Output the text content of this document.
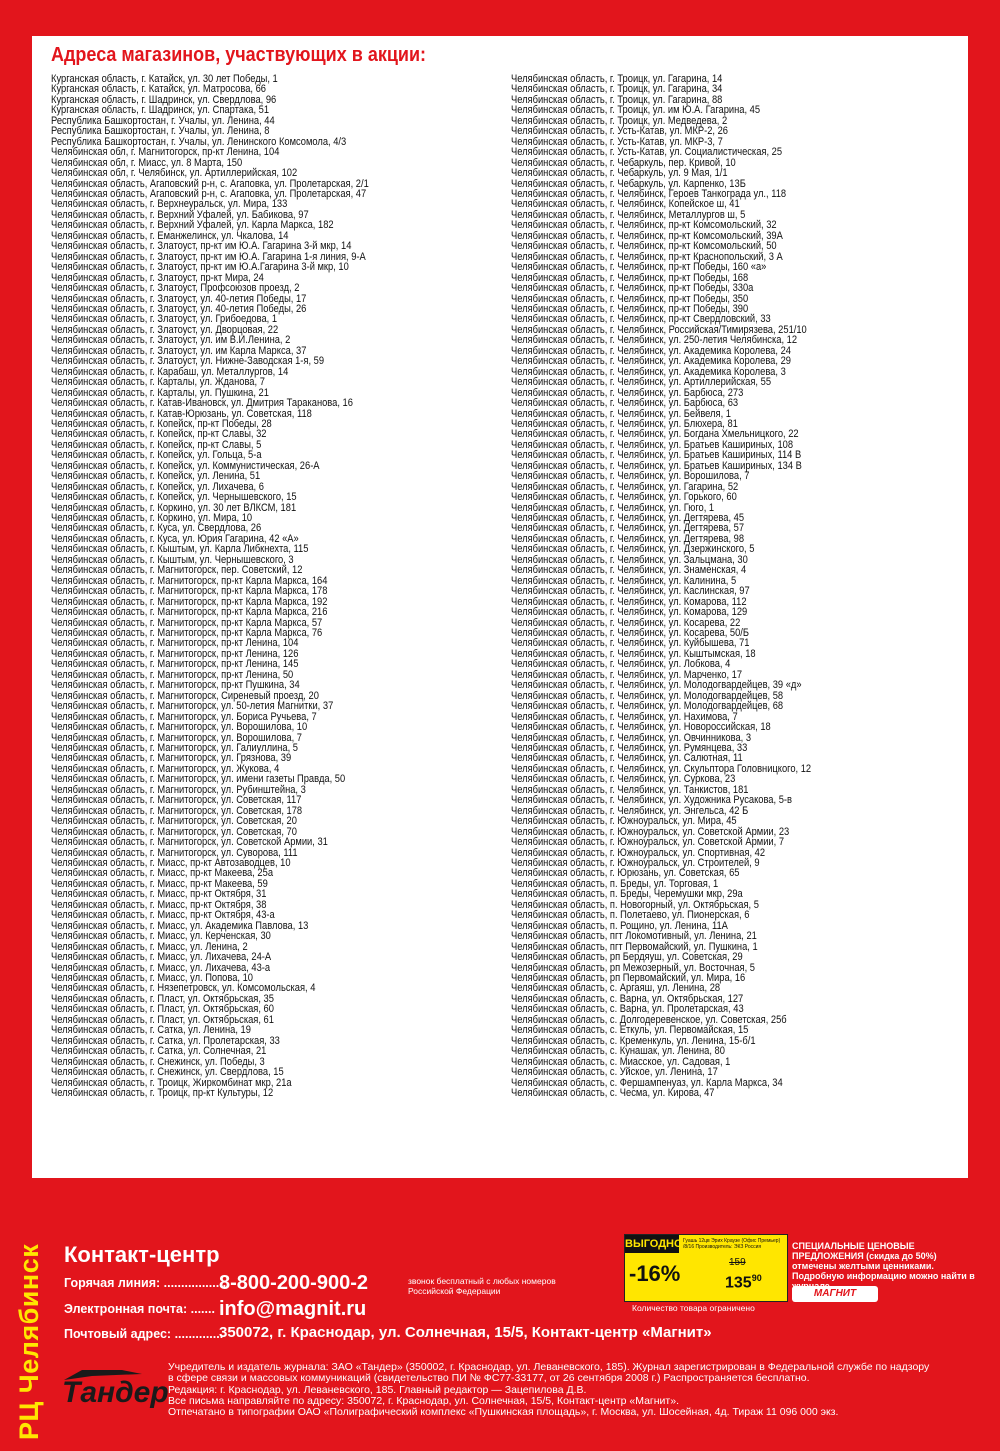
Адреса магазинов, участвующих в акции:
Курганская область, г. Катайск, ул. 30 лет Победы, 1
Курганская область, г. Катайск, ул. Матросова, 66
Курганская область, г. Шадринск, ул. Свердлова, 96
Курганская область, г. Шадринск, ул. Спартака, 51
Республика Башкортостан, г. Учалы, ул. Ленина, 44
Республика Башкортостан, г. Учалы, ул. Ленина, 8
Республика Башкортостан, г. Учалы, ул. Ленинского Комсомола, 4/3
Челябинская обл, г. Магнитогорск, пр-кт Ленина, 104
Челябинская обл, г. Миасс, ул. 8 Марта, 150
Челябинская обл, г. Челябинск, ул. Артиллерийская, 102
Челябинская область, Агаповский р-н, с. Агаповка, ул. Пролетарская, 2/1
Челябинская область, Агаповский р-н, с. Агаповка, ул. Пролетарская, 47
Челябинская область, г. Верхнеуральск, ул. Мира, 133
Челябинская область, г. Верхний Уфалей, ул. Бабикова, 97
Челябинская область, г. Верхний Уфалей, ул. Карла Маркса, 182
Челябинская область, г. Еманжелинск, ул. Чкалова, 14
Челябинская область, г. Златоуст, пр-кт им Ю.А. Гагарина 3-й мкр, 14
Челябинская область, г. Златоуст, пр-кт им Ю.А. Гагарина 1-я линия, 9-А
Челябинская область, г. Златоуст, пр-кт им Ю.А.Гагарина 3-й мкр, 10
Челябинская область, г. Златоуст, пр-кт Мира, 24
Челябинская область, г. Златоуст, Профсоюзов проезд, 2
Челябинская область, г. Златоуст, ул. 40-летия Победы, 17
Челябинская область, г. Златоуст, ул. 40-летия Победы, 26
Челябинская область, г. Златоуст, ул. Грибоедова, 1
Челябинская область, г. Златоуст, ул. Дворцовая, 22
Челябинская область, г. Златоуст, ул. им В.И.Ленина, 2
Челябинская область, г. Златоуст, ул. им Карла Маркса, 37
Челябинская область, г. Златоуст, ул. Нижне-Заводская 1-я, 59
Челябинская область, г. Карабаш, ул. Металлургов, 14
Челябинская область, г. Карталы, ул. Жданова, 7
Челябинская область, г. Карталы, ул. Пушкина, 21
Челябинская область, г. Катав-Ивановск, ул. Дмитрия Тараканова, 16
Челябинская область, г. Катав-Юрюзань, ул. Советская, 118
Челябинская область, г. Копейск, пр-кт Победы, 28
Челябинская область, г. Копейск, пр-кт Славы, 32
Челябинская область, г. Копейск, пр-кт Славы, 5
Челябинская область, г. Копейск, ул. Гольца, 5-а
Челябинская область, г. Копейск, ул. Коммунистическая, 26-А
Челябинская область, г. Копейск, ул. Ленина, 51
Челябинская область, г. Копейск, ул. Лихачева, 6
Челябинская область, г. Копейск, ул. Чернышевского, 15
Челябинская область, г. Коркино, ул. 30 лет ВЛКСМ, 181
Челябинская область, г. Коркино, ул. Мира, 10
Челябинская область, г. Куса, ул. Свердлова, 26
Челябинская область, г. Куса, ул. Юрия Гагарина, 42 «А»
Челябинская область, г. Кыштым, ул. Карла Либкнехта, 115
Челябинская область, г. Кыштым, ул. Чернышевского, 3
Челябинская область, г. Магнитогорск, пер. Советский, 12
Челябинская область, г. Магнитогорск, пр-кт Карла Маркса, 164
Челябинская область, г. Магнитогорск, пр-кт Карла Маркса, 178
Челябинская область, г. Магнитогорск, пр-кт Карла Маркса, 192
Челябинская область, г. Магнитогорск, пр-кт Карла Маркса, 216
Челябинская область, г. Магнитогорск, пр-кт Карла Маркса, 57
Челябинская область, г. Магнитогорск, пр-кт Карла Маркса, 76
Челябинская область, г. Магнитогорск, пр-кт Ленина, 104
Челябинская область, г. Магнитогорск, пр-кт Ленина, 126
Челябинская область, г. Магнитогорск, пр-кт Ленина, 145
Челябинская область, г. Магнитогорск, пр-кт Ленина, 50
Челябинская область, г. Магнитогорск, пр-кт Пушкина, 34
Челябинская область, г. Магнитогорск, Сиреневый проезд, 20
Челябинская область, г. Магнитогорск, ул. 50-летия Магнитки, 37
Челябинская область, г. Магнитогорск, ул. Бориса Ручьева, 7
Челябинская область, г. Магнитогорск, ул. Ворошилова, 10
Челябинская область, г. Магнитогорск, ул. Ворошилова, 7
Челябинская область, г. Магнитогорск, ул. Галиуллина, 5
Челябинская область, г. Магнитогорск, ул. Грязнова, 39
Челябинская область, г. Магнитогорск, ул. Жукова, 4
Челябинская область, г. Магнитогорск, ул. имени газеты Правда, 50
Челябинская область, г. Магнитогорск, ул. Рубинштейна, 3
Челябинская область, г. Магнитогорск, ул. Советская, 117
Челябинская область, г. Магнитогорск, ул. Советская, 178
Челябинская область, г. Магнитогорск, ул. Советская, 20
Челябинская область, г. Магнитогорск, ул. Советская, 70
Челябинская область, г. Магнитогорск, ул. Советской Армии, 31
Челябинская область, г. Магнитогорск, ул. Суворова, 111
Челябинская область, г. Миасс, пр-кт Автозаводцев, 10
Челябинская область, г. Миасс, пр-кт Макеева, 25а
Челябинская область, г. Миасс, пр-кт Макеева, 59
Челябинская область, г. Миасс, пр-кт Октября, 31
Челябинская область, г. Миасс, пр-кт Октября, 38
Челябинская область, г. Миасс, пр-кт Октября, 43-а
Челябинская область, г. Миасс, ул. Академика Павлова, 13
Челябинская область, г. Миасс, ул. Керченская, 30
Челябинская область, г. Миасс, ул. Ленина, 2
Челябинская область, г. Миасс, ул. Лихачева, 24-А
Челябинская область, г. Миасс, ул. Лихачева, 43-а
Челябинская область, г. Миасс, ул. Попова, 10
Челябинская область, г. Нязепетровск, ул. Комсомольская, 4
Челябинская область, г. Пласт, ул. Октябрьская, 35
Челябинская область, г. Пласт, ул. Октябрьская, 60
Челябинская область, г. Пласт, ул. Октябрьская, 61
Челябинская область, г. Сатка, ул. Ленина, 19
Челябинская область, г. Сатка, ул. Пролетарская, 33
Челябинская область, г. Сатка, ул. Солнечная, 21
Челябинская область, г. Снежинск, ул. Победы, 3
Челябинская область, г. Снежинск, ул. Свердлова, 15
Челябинская область, г. Троицк, Жиркомбинат мкр, 21а
Челябинская область, г. Троицк, пр-кт Культуры, 12
Челябинская область, г. Троицк, ул. Гагарина, 14
Челябинская область, г. Троицк, ул. Гагарина, 34
Челябинская область, г. Троицк, ул. Гагарина, 88
Челябинская область, г. Троицк, ул. им Ю.А. Гагарина, 45
Челябинская область, г. Троицк, ул. Медведева, 2
Челябинская область, г. Усть-Катав, ул. МКР-2, 26
Челябинская область, г. Усть-Катав, ул. МКР-3, 7
Челябинская область, г. Усть-Катав, ул. Социалистическая, 25
Челябинская область, г. Чебаркуль, пер. Кривой, 10
Челябинская область, г. Чебаркуль, ул. 9 Мая, 1/1
Челябинская область, г. Чебаркуль, ул. Карпенко, 13Б
Челябинская область, г. Челябинск, Героев Танкограда ул., 118
Челябинская область, г. Челябинск, Копейское ш, 41
Челябинская область, г. Челябинск, Металлургов ш, 5
Челябинская область, г. Челябинск, пр-кт Комсомольский, 32
Челябинская область, г. Челябинск, пр-кт Комсомольский, 39А
Челябинская область, г. Челябинск, пр-кт Комсомольский, 50
Челябинская область, г. Челябинск, пр-кт Краснопольский, 3 А
Челябинская область, г. Челябинск, пр-кт Победы, 160 «а»
Челябинская область, г. Челябинск, пр-кт Победы, 168
Челябинская область, г. Челябинск, пр-кт Победы, 330а
Челябинская область, г. Челябинск, пр-кт Победы, 350
Челябинская область, г. Челябинск, пр-кт Победы, 390
Челябинская область, г. Челябинск, пр-кт Свердловский, 33
Челябинская область, г. Челябинск, Российская/Тимирязева, 251/10
Челябинская область, г. Челябинск, ул. 250-летия Челябинска, 12
Челябинская область, г. Челябинск, ул. Академика Королева, 24
Челябинская область, г. Челябинск, ул. Академика Королева, 29
Челябинская область, г. Челябинск, ул. Академика Королева, 3
Челябинская область, г. Челябинск, ул. Артиллерийская, 55
Челябинская область, г. Челябинск, ул. Барбюса, 273
Челябинская область, г. Челябинск, ул. Барбюса, 63
Челябинская область, г. Челябинск, ул. Бейвеля, 1
Челябинская область, г. Челябинск, ул. Блюхера, 81
Челябинская область, г. Челябинск, ул. Богдана Хмельницкого, 22
Челябинская область, г. Челябинск, ул. Братьев Кашириных, 108
Челябинская область, г. Челябинск, ул. Братьев Кашириных, 114 В
Челябинская область, г. Челябинск, ул. Братьев Кашириных, 134 В
Челябинская область, г. Челябинск, ул. Ворошилова, 7
Челябинская область, г. Челябинск, ул. Гагарина, 52
Челябинская область, г. Челябинск, ул. Горького, 60
Челябинская область, г. Челябинск, ул. Гюго, 1
Челябинская область, г. Челябинск, ул. Дегтярева, 45
Челябинская область, г. Челябинск, ул. Дегтярева, 57
Челябинская область, г. Челябинск, ул. Дегтярева, 98
Челябинская область, г. Челябинск, ул. Дзержинского, 5
Челябинская область, г. Челябинск, ул. Зальцмана, 30
Челябинская область, г. Челябинск, ул. Знаменская, 4
Челябинская область, г. Челябинск, ул. Калинина, 5
Челябинская область, г. Челябинск, ул. Каслинская, 97
Челябинская область, г. Челябинск, ул. Комарова, 112
Челябинская область, г. Челябинск, ул. Комарова, 129
Челябинская область, г. Челябинск, ул. Косарева, 22
Челябинская область, г. Челябинск, ул. Косарева, 50/Б
Челябинская область, г. Челябинск, ул. Куйбышева, 71
Челябинская область, г. Челябинск, ул. Кыштымская, 18
Челябинская область, г. Челябинск, ул. Лобкова, 4
Челябинская область, г. Челябинск, ул. Марченко, 17
Челябинская область, г. Челябинск, ул. Молодогвардейцев, 39 «д»
Челябинская область, г. Челябинск, ул. Молодогвардейцев, 58
Челябинская область, г. Челябинск, ул. Молодогвардейцев, 68
Челябинская область, г. Челябинск, ул. Нахимова, 7
Челябинская область, г. Челябинск, ул. Новороссийская, 18
Челябинская область, г. Челябинск, ул. Овчинникова, 3
Челябинская область, г. Челябинск, ул. Румянцева, 33
Челябинская область, г. Челябинск, ул. Салютная, 11
Челябинская область, г. Челябинск, ул. Скульптора Головницкого, 12
Челябинская область, г. Челябинск, ул. Суркова, 23
Челябинская область, г. Челябинск, ул. Танкистов, 181
Челябинская область, г. Челябинск, ул. Художника Русакова, 5-в
Челябинская область, г. Челябинск, ул. Энгельса, 42 Б
Челябинская область, г. Южноуральск, ул. Мира, 45
Челябинская область, г. Южноуральск, ул. Советской Армии, 23
Челябинская область, г. Южноуральск, ул. Советской Армии, 7
Челябинская область, г. Южноуральск, ул. Спортивная, 42
Челябинская область, г. Южноуральск, ул. Строителей, 9
Челябинская область, г. Юрюзань, ул. Советская, 65
Челябинская область, п. Бреды, ул. Торговая, 1
Челябинская область, п. Бреды, Черемушки мкр, 29а
Челябинская область, п. Новогорный, ул. Октябрьская, 5
Челябинская область, п. Полетаево, ул. Пионерская, 6
Челябинская область, п. Рощино, ул. Ленина, 11А
Челябинская область, пгт Локомотивный, ул. Ленина, 21
Челябинская область, пгт Первомайский, ул. Пушкина, 1
Челябинская область, рп Бердяуш, ул. Советская, 29
Челябинская область, рп Межозерный, ул. Восточная, 5
Челябинская область, рп Первомайский, ул. Мира, 16
Челябинская область, с. Аргаяш, ул. Ленина, 28
Челябинская область, с. Варна, ул. Октябрьская, 127
Челябинская область, с. Варна, ул. Пролетарская, 43
Челябинская область, с. Долгодеревенское, ул. Советская, 25б
Челябинская область, с. Еткуль, ул. Первомайская, 15
Челябинская область, с. Кременкуль, ул. Ленина, 15-б/1
Челябинская область, с. Кунашак, ул. Ленина, 80
Челябинская область, с. Миасское, ул. Садовая, 1
Челябинская область, с. Уйское, ул. Ленина, 17
Челябинская область, с. Фершампенуаз, ул. Карла Маркса, 34
Челябинская область, с. Чесма, ул. Кирова, 47
РЦ Челябинск Контакт-центр
Горячая линия: ..................
8-800-200-900-2	звонок бесплатный с любых номеров Российской Федерации
Электронная почта: ....... info@magnit.ru
Почтовый адрес: ..............
350072, г. Краснодар, ул. Солнечная, 15/5, Контакт-центр «Магнит»
ВЫГОДНО Гуашь 12цв Эрих Краузе (Офис Премьер) /8/16 Производитель: ЭКЗ Россия
-16%	159
$135^{90}$
Количество товара ограничено
СПЕЦИАЛЬНЫЕ ЦЕНОВЫЕ ПРЕДЛОЖЕНИЯ (скидка до 50%) отмечены желтыми ценниками. Подробную информацию можно найти в
МАГНИТ
Тандер
Учредитель и издатель журнала: ЗАО «Тандер» (350002, г. Краснодар, ул. Леваневского, 185). Журнал зарегистрирован в Федеральной службе по надзору
в сфере связи и массовых коммуникаций (свидетельство ПИ № ФС77-33177, от 26 сентября 2008 г.) Распространяется бесплатно.
Редакция: г. Краснодар, ул. Леваневского, 185. Главный редактор — Зацепилова Д.В.
Все письма направляйте по адресу: 350072, г. Краснодар, ул. Солнечная, 15/5, Контакт-центр «Магнит».
Отпечатано в типографии ОАО «Полиграфический комплекс «Пушкинская площадь», г. Москва, ул. Шосейная, 4д. Тираж 11 096 000 экз.
